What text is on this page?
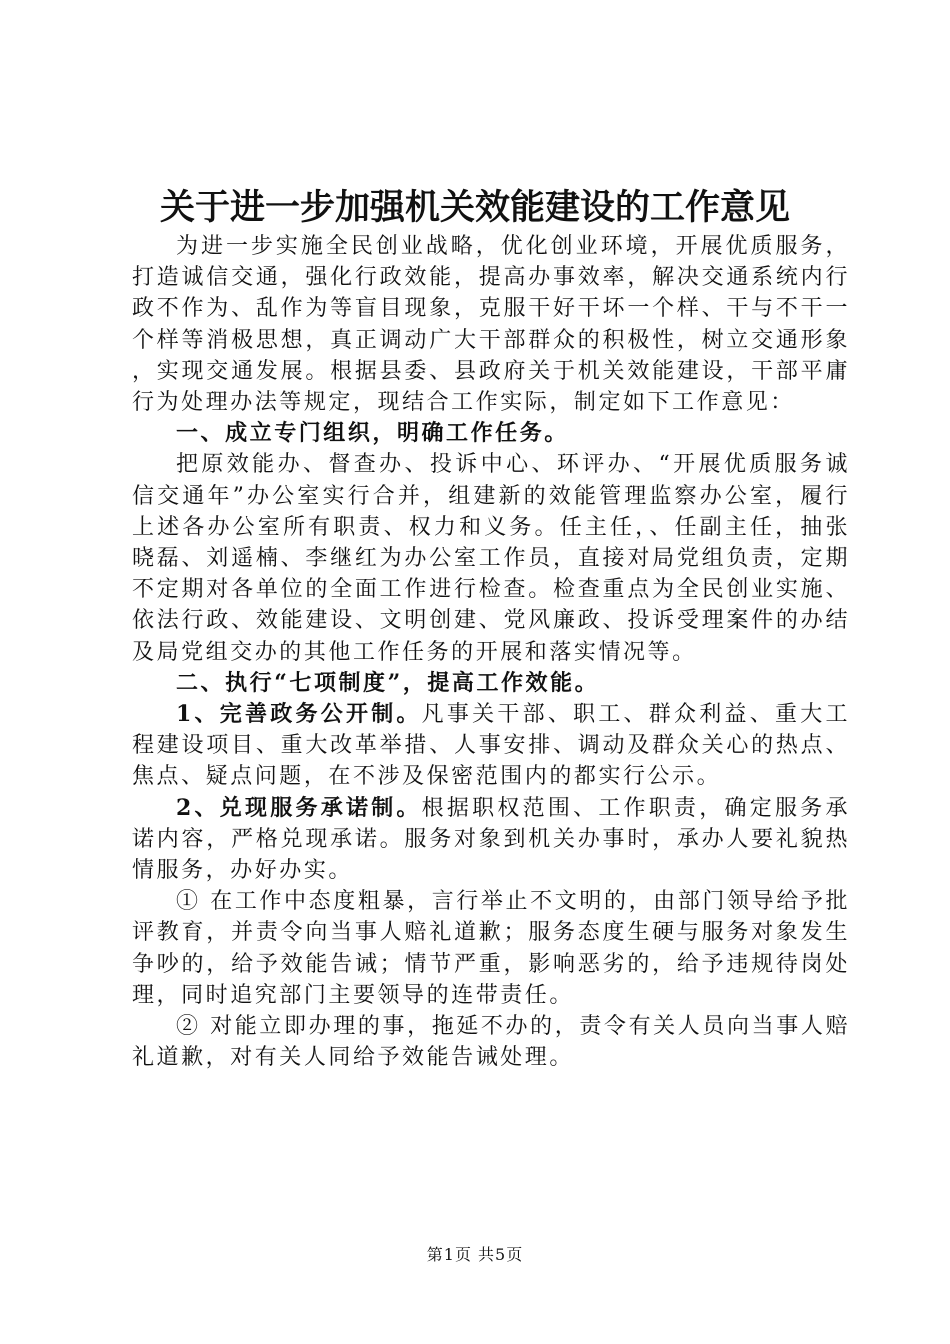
关于进一步加强机关效能建设的工作意见

为进一步实施全民创业战略，优化创业环境，开展优质服务，打造诚信交通，强化行政效能，提高办事效率，解决交通系统内行政不作为、乱作为等盲目现象，克服干好干坏一个样、干与不干一个样等消极思想，真正调动广大干部群众的积极性，树立交通形象，实现交通发展。根据县委、县政府关于机关效能建设，干部平庸行为处理办法等规定，现结合工作实际，制定如下工作意见：

一、成立专门组织，明确工作任务。

把原效能办、督查办、投诉中心、环评办、“开展优质服务诚信交通年”办公室实行合并，组建新的效能管理监察办公室，履行上述各办公室所有职责、权力和义务。任主任，、任副主任，抽张晓磊、刘遥楠、李继红为办公室工作员，直接对局党组负责，定期不定期对各单位的全面工作进行检查。检查重点为全民创业实施、依法行政、效能建设、文明创建、党风廉政、投诉受理案件的办结及局党组交办的其他工作任务的开展和落实情况等。

二、执行“七项制度”，提高工作效能。

1、完善政务公开制。凡事关干部、职工、群众利益、重大工程建设项目、重大改革举措、人事安排、调动及群众关心的热点、焦点、疑点问题，在不涉及保密范围内的都实行公示。

2、兑现服务承诺制。根据职权范围、工作职责，确定服务承诺内容，严格兑现承诺。服务对象到机关办事时，承办人要礼貌热情服务，办好办实。

① 在工作中态度粗暴，言行举止不文明的，由部门领导给予批评教育，并责令向当事人赔礼道歉；服务态度生硬与服务对象发生争吵的，给予效能告诫；情节严重，影响恶劣的，给予违规待岗处理，同时追究部门主要领导的连带责任。

② 对能立即办理的事，拖延不办的，责令有关人员向当事人赔礼道歉，对有关人同给予效能告诫处理。

第1页 共5页
